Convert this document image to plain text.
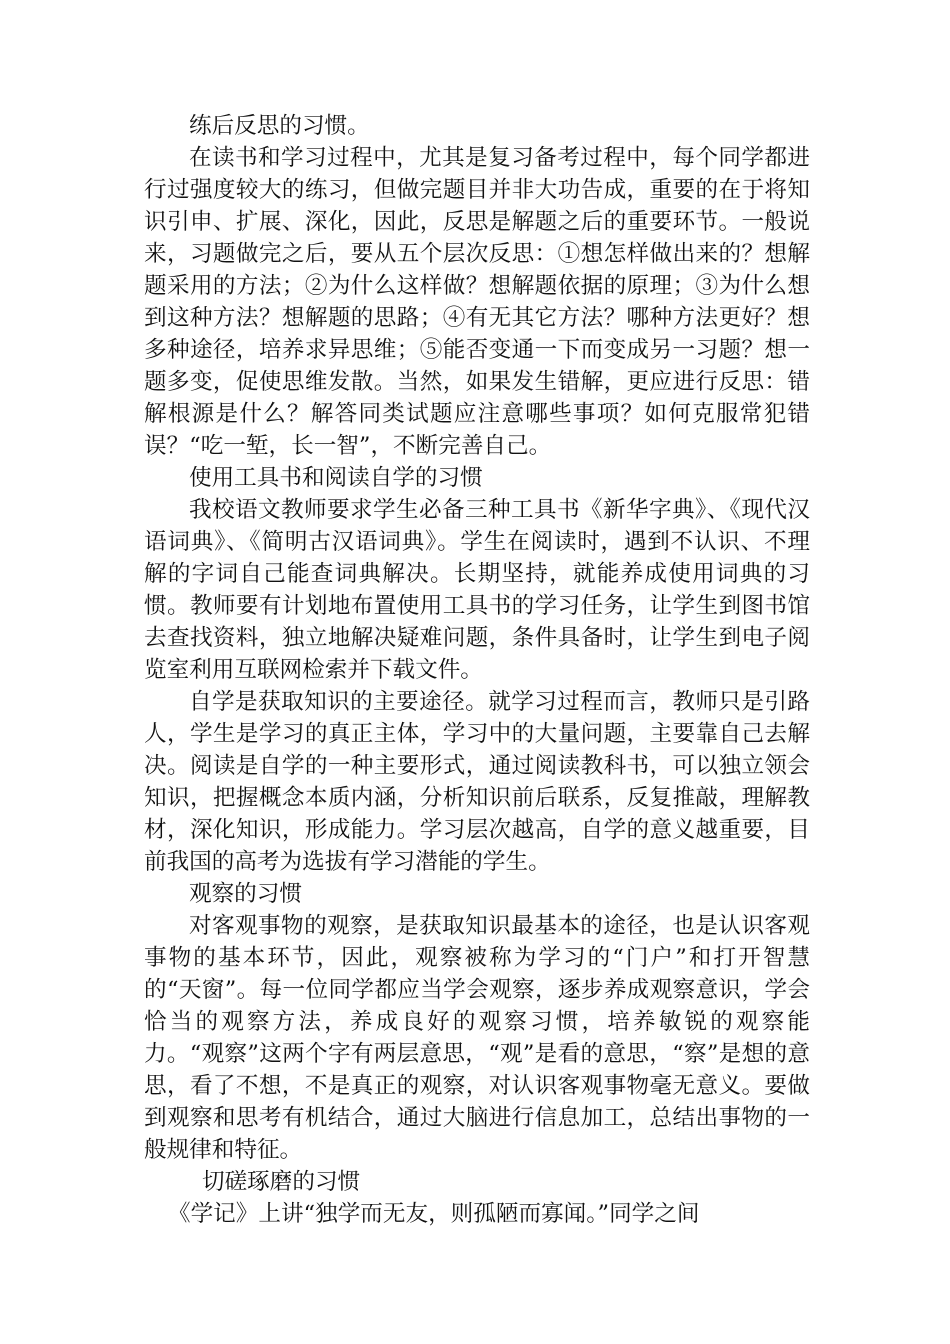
练后反思的习惯。

在读书和学习过程中，尤其是复习备考过程中，每个同学都进行过强度较大的练习，但做完题目并非大功告成，重要的在于将知识引申、扩展、深化，因此，反思是解题之后的重要环节。一般说来，习题做完之后，要从五个层次反思：①想怎样做出来的？想解题采用的方法；②为什么这样做？想解题依据的原理；③为什么想到这种方法？想解题的思路；④有无其它方法？哪种方法更好？想多种途径，培养求异思维；⑤能否变通一下而变成另一习题？想一题多变，促使思维发散。当然，如果发生错解，更应进行反思：错解根源是什么？解答同类试题应注意哪些事项？如何克服常犯错误？“吃一堑，长一智”，不断完善自己。

使用工具书和阅读自学的习惯

我校语文教师要求学生必备三种工具书《新华字典》、《现代汉语词典》、《简明古汉语词典》。学生在阅读时，遇到不认识、不理解的字词自己能查词典解决。长期坚持，就能养成使用词典的习惯。教师要有计划地布置使用工具书的学习任务，让学生到图书馆去查找资料，独立地解决疑难问题，条件具备时，让学生到电子阅览室利用互联网检索并下载文件。

自学是获取知识的主要途径。就学习过程而言，教师只是引路人，学生是学习的真正主体，学习中的大量问题，主要靠自己去解决。阅读是自学的一种主要形式，通过阅读教科书，可以独立领会知识，把握概念本质内涵，分析知识前后联系，反复推敲，理解教材，深化知识，形成能力。学习层次越高，自学的意义越重要，目前我国的高考为选拔有学习潜能的学生。

观察的习惯

对客观事物的观察，是获取知识最基本的途径，也是认识客观事物的基本环节，因此，观察被称为学习的“门户”和打开智慧的“天窗”。每一位同学都应当学会观察，逐步养成观察意识，学会恰当的观察方法，养成良好的观察习惯，培养敏锐的观察能力。“观察”这两个字有两层意思，“观”是看的意思，“察”是想的意思，看了不想，不是真正的观察，对认识客观事物毫无意义。要做到观察和思考有机结合，通过大脑进行信息加工，总结出事物的一般规律和特征。

切磋琢磨的习惯

《学记》上讲“独学而无友，则孤陋而寡闻。”同学之间
